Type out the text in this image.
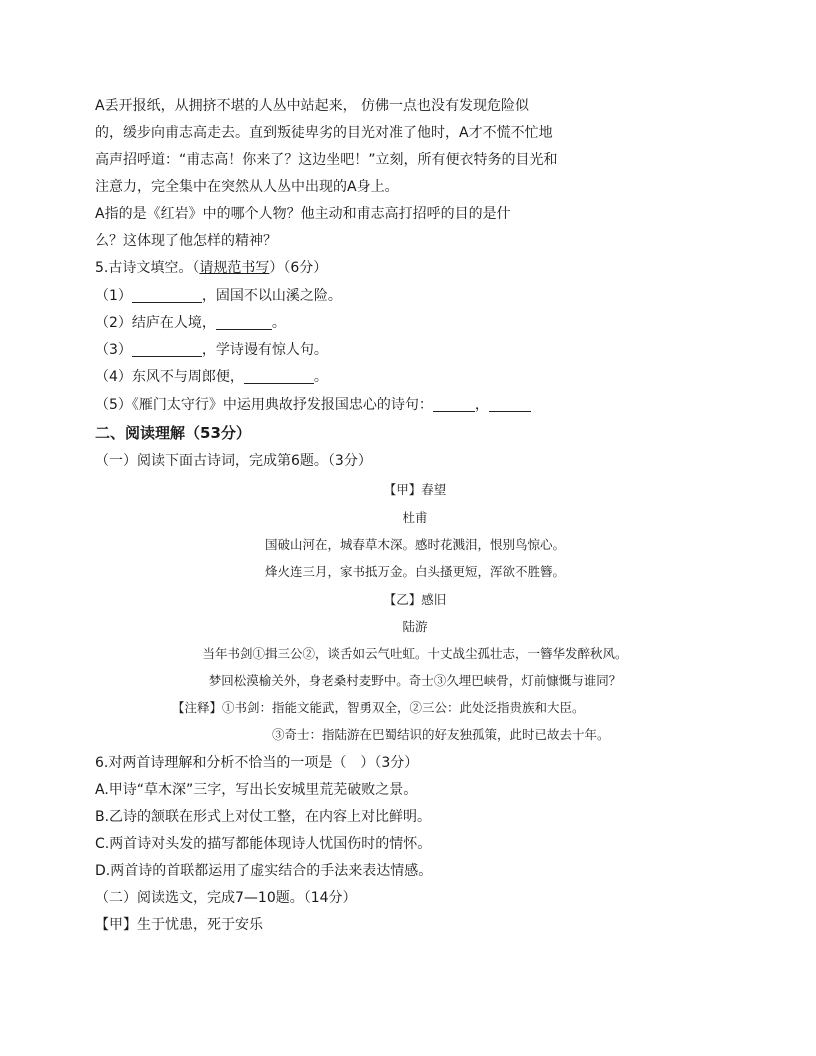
A丢开报纸，从拥挤不堪的人丛中站起来， 仿佛一点也没有发现危险似
的，缓步向甫志高走去。直到叛徒卑劣的目光对准了他时，A才不慌不忙地
高声招呼道：“甫志高！你来了？这边坐吧！”立刻，所有便衣特务的目光和
注意力，完全集中在突然从人丛中出现的A身上。
A指的是《红岩》中的哪个人物？他主动和甫志高打招呼的目的是什
么？这体现了他怎样的精神？
5.古诗文填空。（请规范书写）（6分）
（1）	，固国不以山溪之险。
（2）结庐在人境，	。
（3）	，学诗谩有惊人句。
（4）东风不与周郎便，	。
（5）《雁门太守行》中运用典故抒发报国忠心的诗句：	，
二、阅读理解（53分）
（一）阅读下面古诗词，完成第6题。（3分）
【甲】春望
杜甫
国破山河在，城春草木深。感时花溅泪，恨别鸟惊心。
烽火连三月，家书抵万金。白头搔更短，浑欲不胜簪。
【乙】感旧
陆游
当年书剑①揖三公②，谈舌如云气吐虹。十丈战尘孤壮志，一簪华发醉秋风。
梦回松漠榆关外，身老桑村麦野中。奇士③久埋巴峡骨，灯前慷慨与谁同？
【注释】①书剑：指能文能武，智勇双全，②三公：此处泛指贵族和大臣。
③奇士：指陆游在巴蜀结识的好友独孤策，此时已故去十年。
6.对两首诗理解和分析不恰当的一项是（　）（3分）
A.甲诗“草木深”三字，写出长安城里荒芜破败之景。
B.乙诗的颔联在形式上对仗工整，在内容上对比鲜明。
C.两首诗对头发的描写都能体现诗人忧国伤时的情怀。
D.两首诗的首联都运用了虚实结合的手法来表达情感。
（二）阅读选文，完成7—10题。（14分）
【甲】生于忧患，死于安乐
